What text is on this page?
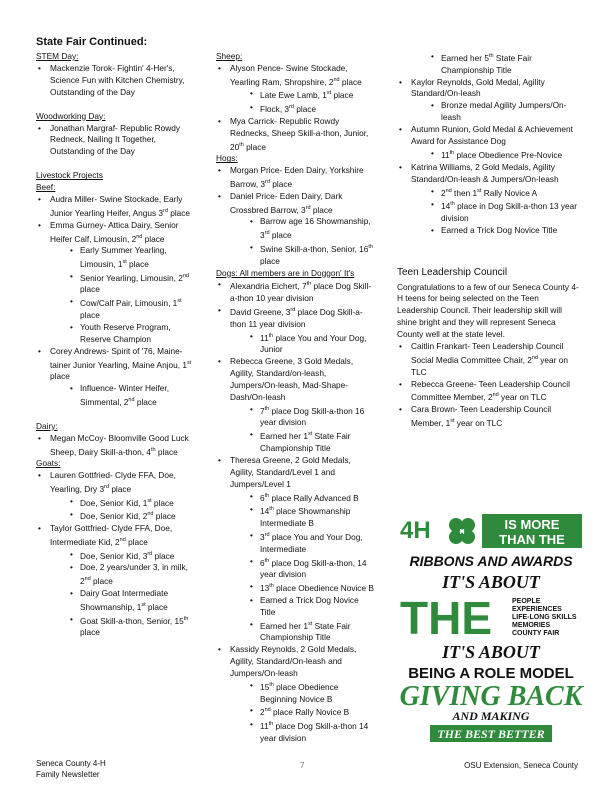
State Fair Continued:
STEM Day:
• Mackenzie Torok- Fightin' 4-Her's, Science Fun with Kitchen Chemistry, Outstanding of the Day
Woodworking Day:
• Jonathan Margraf- Republic Rowdy Redneck, Nailing It Together, Outstanding of the Day
Livestock Projects
Beef:
• Audra Miller- Swine Stockade, Early Junior Yearling Heifer, Angus 3rd place
• Emma Gurney- Attica Dairy, Senior Heifer Calf, Limousin, 2nd place
• Early Summer Yearling, Limousin, 1st place
• Senior Yearling, Limousin, 2nd place
• Cow/Calf Pair, Limousin, 1st place
• Youth Reserve Program, Reserve Champion
• Corey Andrews- Spirit of '76, Maine-tainer Junior Yearling, Maine Anjou, 1st place
• Influence- Winter Heifer, Simmental, 2nd place
Dairy:
• Megan McCoy- Bloomville Good Luck Sheep, Dairy Skill-a-thon, 4th place
Goats:
• Lauren Gottfried- Clyde FFA, Doe, Yearling, Dry 3rd place
• Doe, Senior Kid, 1st place
• Doe, Senior Kid, 2nd place
• Taylor Gottfried- Clyde FFA, Doe, Intermediate Kid, 2nd place
• Doe, Senior Kid, 3rd place
• Doe, 2 years/under 3, in milk, 2nd place
• Dairy Goat Intermediate Showmanship, 1st place
• Goat Skill-a-thon, Senior, 15th place
Sheep:
• Alyson Pence- Swine Stockade, Yearling Ram, Shropshire, 2nd place
• Late Ewe Lamb, 1st place
• Flock, 3rd place
• Mya Carrick- Republic Rowdy Rednecks, Sheep Skill-a-thon, Junior, 20th place
Hogs:
• Morgan Price- Eden Dairy, Yorkshire Barrow, 3rd place
• Daniel Price- Eden Dairy, Dark Crossbred Barrow, 3rd place
• Barrow age 16 Showmanship, 3rd place
• Swine Skill-a-thon, Senior, 16th place
Dogs: All members are in Doggon' It's
• Alexandria Eichert, 7th place Dog Skill-a-thon 10 year division
• David Greene, 3rd place Dog Skill-a-thon 11 year division
• 11th place You and Your Dog, Junior
• Rebecca Greene, 3 Gold Medals, Agility, Standard/on-leash, Jumpers/On-leash, Mad-Shape-Dash/On-leash
• 7th place Dog Skill-a-thon 16 year division
• Earned her 1st State Fair Championship Title
• Theresa Greene, 2 Gold Medals, Agility, Standard/Level 1 and Jumpers/Level 1
• 6th place Rally Advanced B
• 14th place Showmanship Intermediate B
• 3rd place You and Your Dog, Intermediate
• 6th place Dog Skill-a-thon, 14 year division
• 13th place Obedience Novice B
• Earned a Trick Dog Novice Title
• Earned her 1st State Fair Championship Title
• Kassidy Reynolds, 2 Gold Medals, Agility, Standard/On-leash and Jumpers/On-leash
• 15th place Obedience Beginning Novice B
• 2nd place Rally Novice B
• 11th place Dog Skill-a-thon 14 year division
• Earned her 5th State Fair Championship Title
• Kaylor Reynolds, Gold Medal, Agility Standard/On-leash
• Bronze medal Agility Jumpers/On-leash
• Autumn Runion, Gold Medal & Achievement Award for Assistance Dog
• 11th place Obedience Pre-Novice
• Katrina Williams, 2 Gold Medals, Agility Standard/On-leash & Jumpers/On-leash
• 2nd then 1st Rally Novice A
• 14th place in Dog Skill-a-thon 13 year division
• Earned a Trick Dog Novice Title
Teen Leadership Council
Congratulations to a few of our Seneca County 4-H teens for being selected on the Teen Leadership Council. Their leadership skill will shine bright and they will represent Seneca County well at the state level.
• Caitlin Frankart- Teen Leadership Council Social Media Committee Chair, 2nd year on TLC
• Rebecca Greene- Teen Leadership Council Committee Member, 2nd year on TLC
• Cara Brown- Teen Leadership Council Member, 1st year on TLC
H
4H	IS MORE
THAN THE
RIBBONS AND AWARDS
IT'S ABOUT
THE	PEOPLE
EXPERIENCES
LIFE-LONG SKILLS
MEMORIES
COUNTY FAIR
IT'S ABOUT
BEING A ROLE MODEL
GIVING BACK
AND MAKING
THE BEST BETTER
Seneca County 4-H
Family Newsletter
7	OSU Extension, Seneca County
